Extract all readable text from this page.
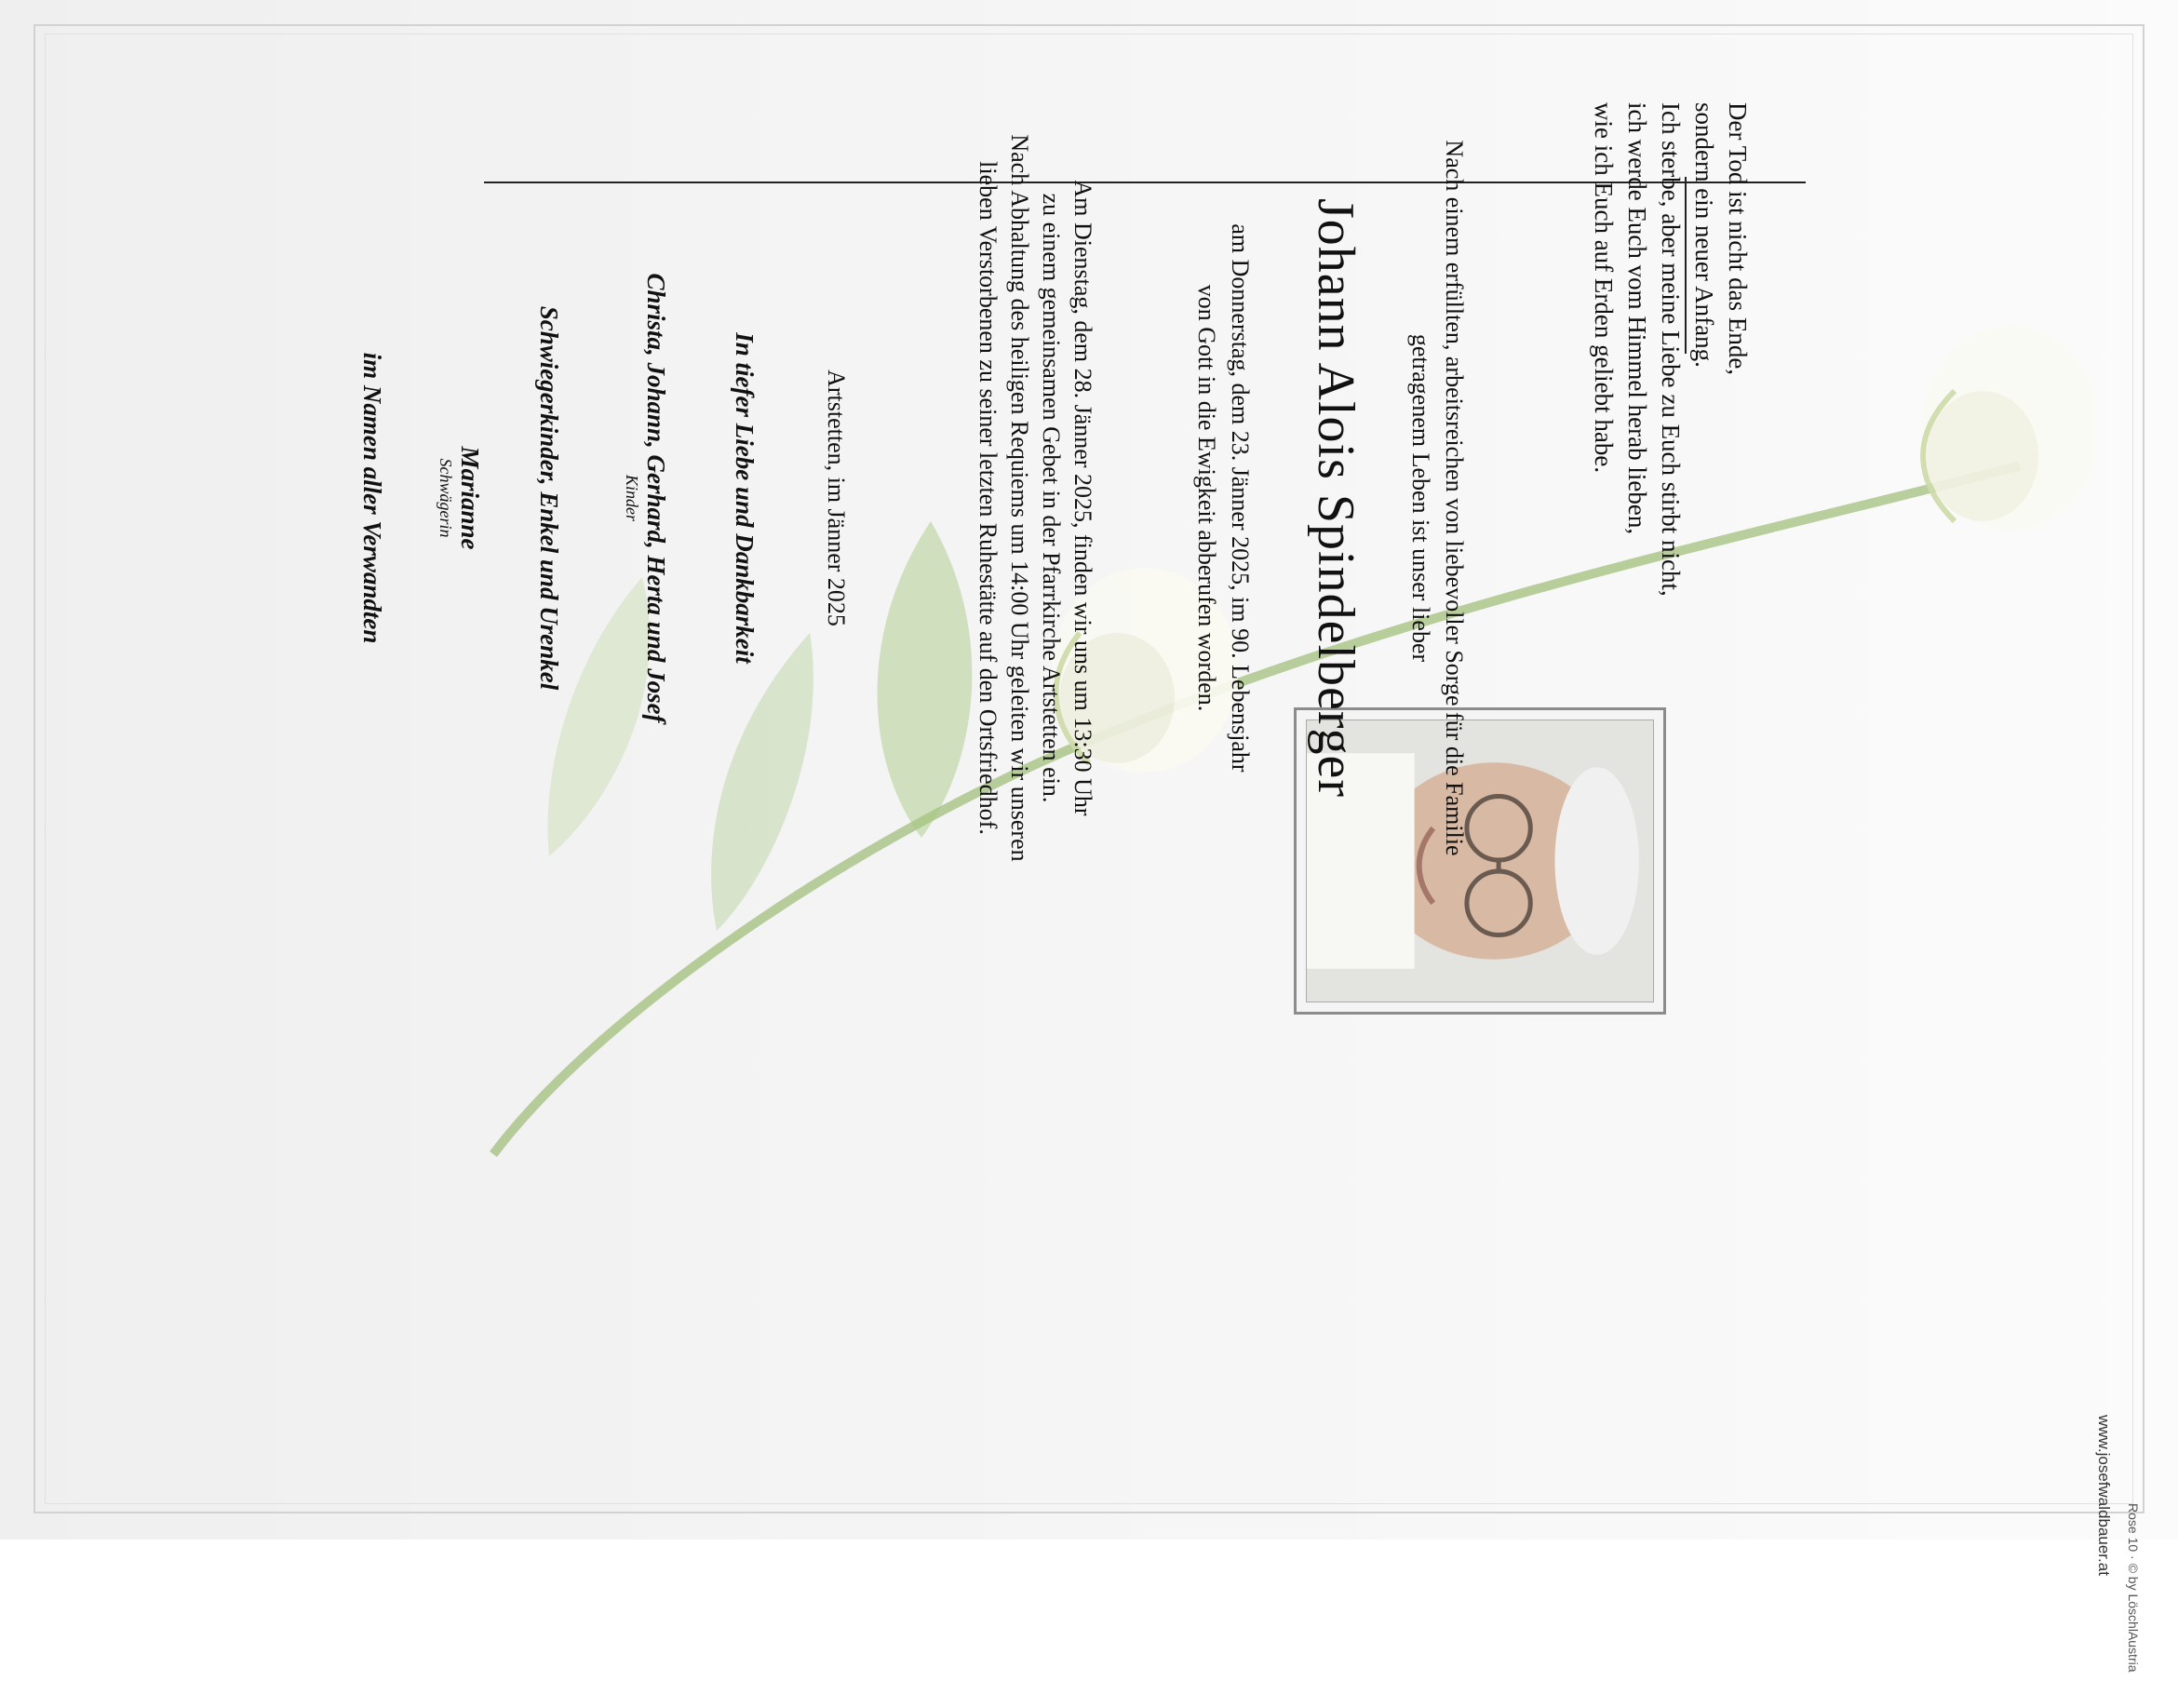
Der Tod ist nicht das Ende,
sondern ein neuer Anfang.
Ich sterbe, aber meine Liebe zu Euch stirbt nicht,
ich werde Euch vom Himmel herab lieben,
wie ich Euch auf Erden geliebt habe.
Nach einem erfüllten, arbeitsreichen von liebevoller Sorge für die Familie
getragenem Leben ist unser lieber
Johann Alois Spindelberger
am Donnerstag, dem 23. Jänner 2025, im 90. Lebensjahr
von Gott in die Ewigkeit abberufen worden.
Am Dienstag, dem 28. Jänner 2025, finden wir uns um 13:30 Uhr
zu einem gemeinsamen Gebet in der Pfarrkirche Artstetten ein.
Nach Abhaltung des heiligen Requiems um 14:00 Uhr geleiten wir unseren
lieben Verstorbenen zu seiner letzten Ruhestätte auf den Ortsfriedhof.
Artstetten, im Jänner 2025
In tiefer Liebe und Dankbarkeit
Christa, Johann, Gerhard, Herta und Josef
Kinder
Schwiegerkinder, Enkel und Urenkel
Marianne
Schwägerin
im Namen aller Verwandten
www.josefwaldbauer.at
Rose 10 · © by LöschlAustria
